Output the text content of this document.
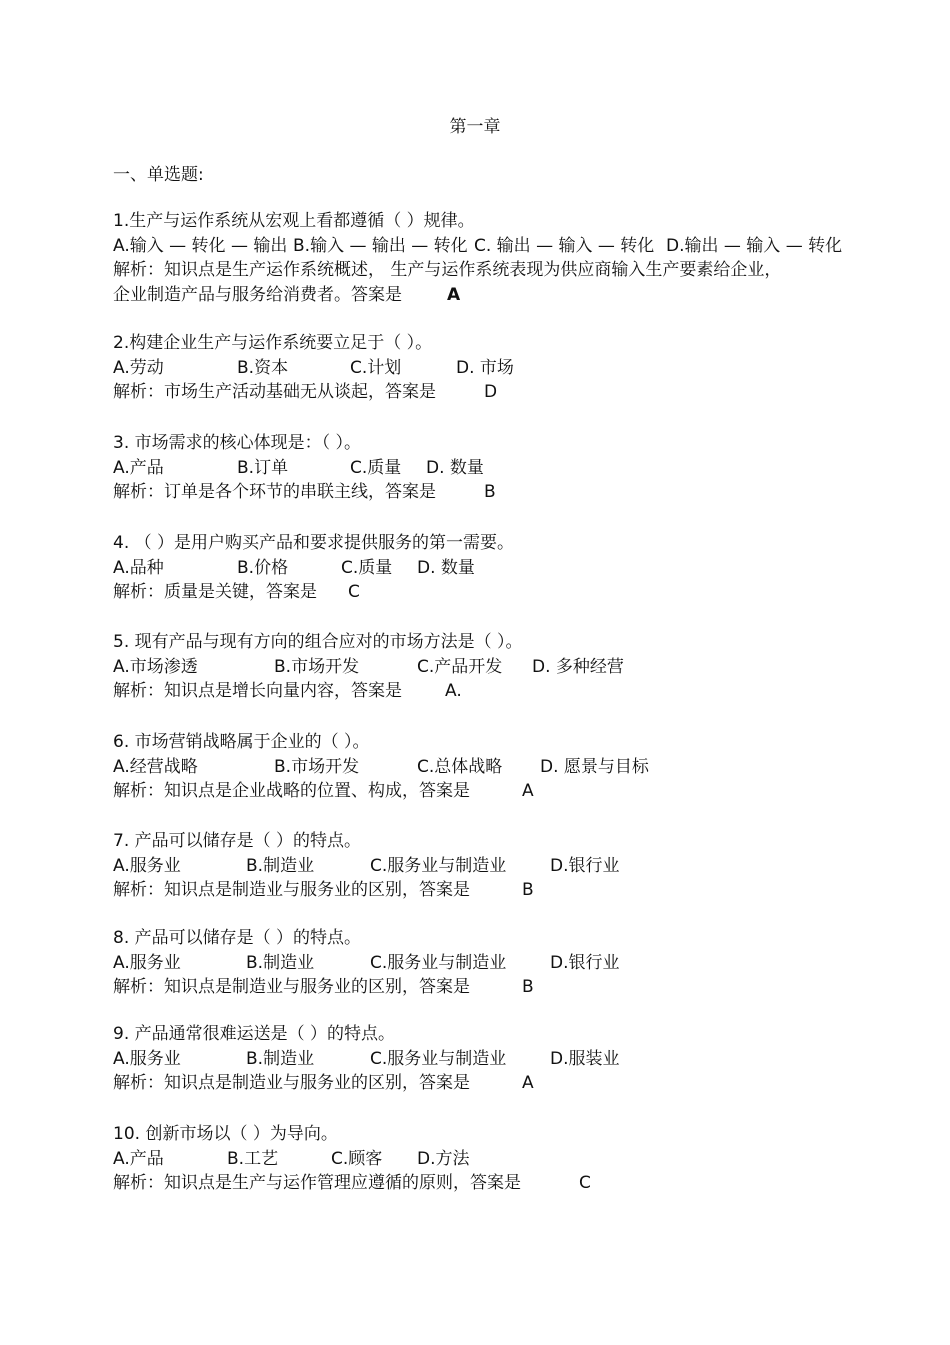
第一章
一、单选题:
1.生产与运作系统从宏观上看都遵循（ ）规律。
A.输入 — 转化 — 输出 B.输入 — 输出 — 转化 C. 输出 — 输入 — 转化 D.输出 — 输入 — 转化
解析：知识点是生产运作系统概述， 生产与运作系统表现为供应商输入生产要素给企业，
企业制造产品与服务给消费者。答案是	A
2.构建企业生产与运作系统要立足于（ ）。
A.劳动	B.资本	C.计划	D. 市场
解析：市场生产活动基础无从谈起，答案是	D
3. 市场需求的核心体现是：（ ）。
A.产品	B.订单	C.质量 D. 数量
解析：订单是各个环节的串联主线，答案是	B
4. （ ）是用户购买产品和要求提供服务的第一需要。
A.品种	B.价格	C.质量 D. 数量
解析：质量是关键，答案是 C
5. 现有产品与现有方向的组合应对的市场方法是（ ）。
A.市场渗透	B.市场开发	C.产品开发 D. 多种经营
解析：知识点是增长向量内容，答案是	A.
6. 市场营销战略属于企业的（ ）。
A.经营战略	B.市场开发	C.总体战略 D. 愿景与目标
解析：知识点是企业战略的位置、构成，答案是	A
7. 产品可以储存是（ ）的特点。
A.服务业	B.制造业	C.服务业与制造业	D.银行业
解析：知识点是制造业与服务业的区别，答案是	B
8. 产品可以储存是（ ）的特点。
A.服务业	B.制造业	C.服务业与制造业	D.银行业
解析：知识点是制造业与服务业的区别，答案是	B
9. 产品通常很难运送是（ ）的特点。
A.服务业	B.制造业	C.服务业与制造业	D.服装业
解析：知识点是制造业与服务业的区别，答案是	A
10. 创新市场以（ ）为导向。
A.产品	B.工艺	C.顾客 D.方法
解析：知识点是生产与运作管理应遵循的原则，答案是	C
